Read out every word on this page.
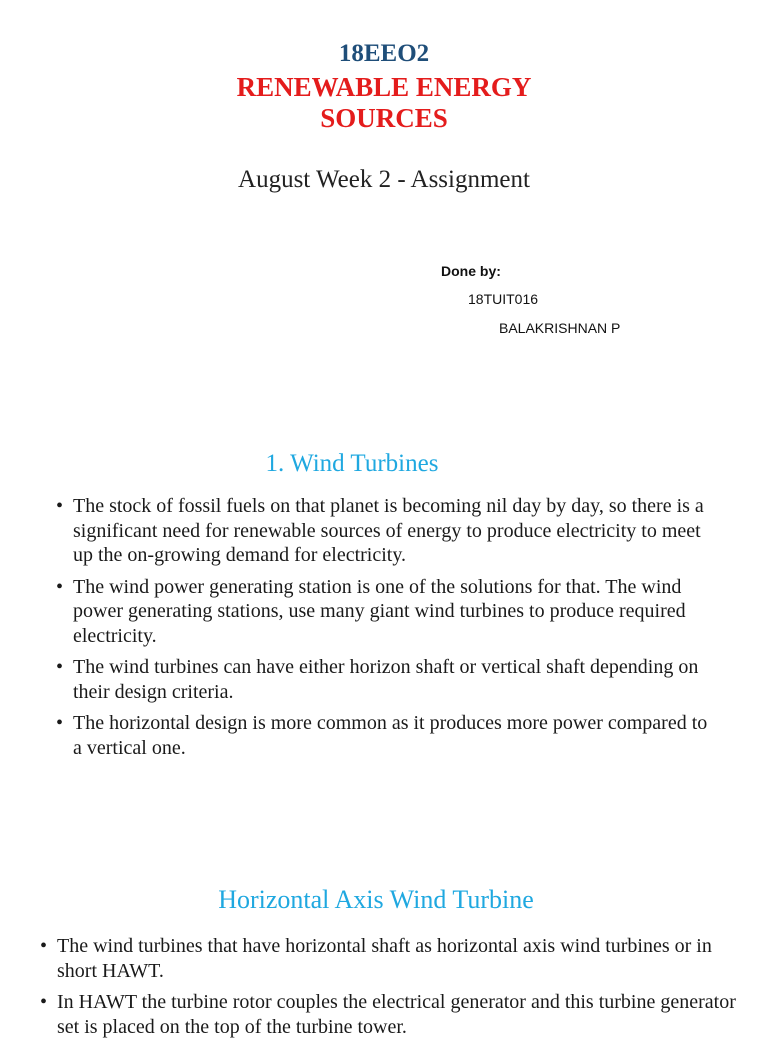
18EEO2
RENEWABLE ENERGY
SOURCES
August Week 2 - Assignment
Done by:
18TUIT016
BALAKRISHNAN P
1. Wind Turbines
• The stock of fossil fuels on that planet is becoming nil day by day, so there is a significant need for renewable sources of energy to produce electricity to meet up the on-growing demand for electricity.
• The wind power generating station is one of the solutions for that. The wind power generating stations, use many giant wind turbines to produce required electricity.
• The wind turbines can have either horizon shaft or vertical shaft depending on their design criteria.
• The horizontal design is more common as it produces more power compared to a vertical one.
Horizontal Axis Wind Turbine
• The wind turbines that have horizontal shaft as horizontal axis wind turbines or in short HAWT.
• In HAWT the turbine rotor couples the electrical generator and this turbine generator set is placed on the top of the turbine tower.
